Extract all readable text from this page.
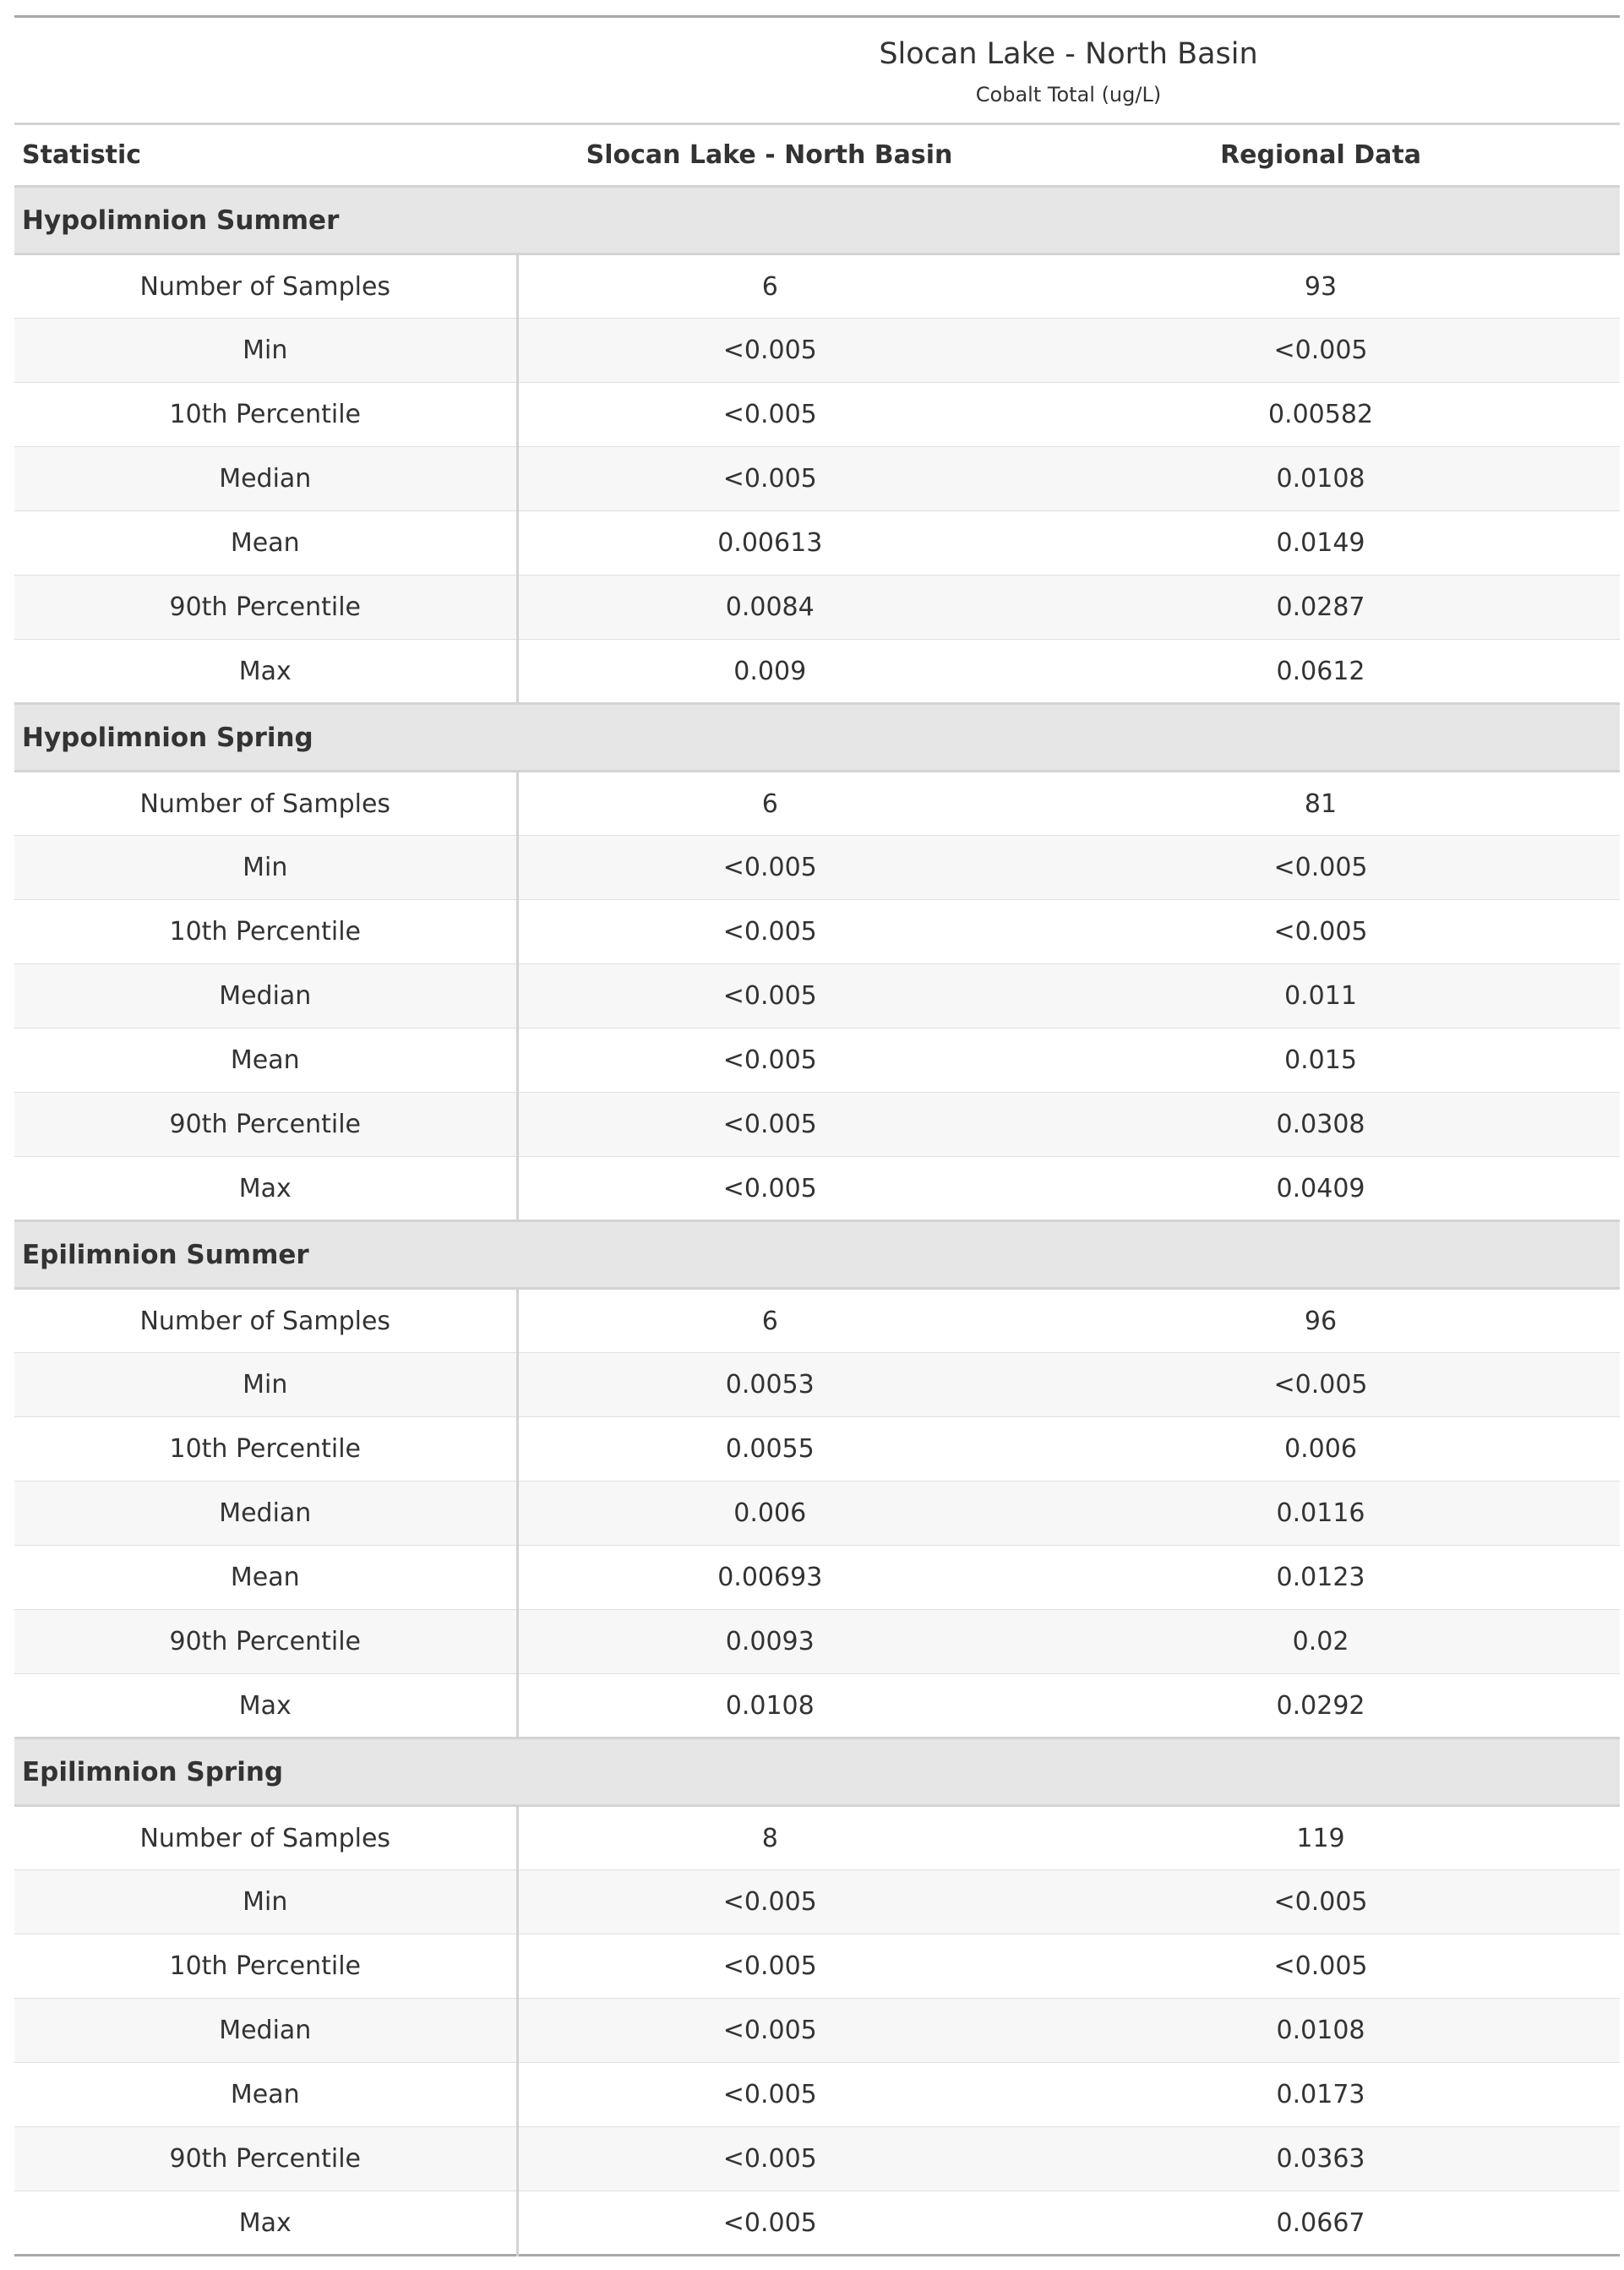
Slocan Lake - North Basin
Cobalt Total (ug/L)		

Statistic	Slocan Lake - North Basin	Regional Data
Hypolimnion Summer		
Number of Samples	6	93
Min	<0.005	<0.005
10th Percentile	<0.005	0.00582
Median	<0.005	0.0108
Mean	0.00613	0.0149
90th Percentile	0.0084	0.0287
Max	0.009	0.0612
Hypolimnion Spring		
Number of Samples	6	81
Min	<0.005	<0.005
10th Percentile	<0.005	<0.005
Median	<0.005	0.011
Mean	<0.005	0.015
90th Percentile	<0.005	0.0308
Max	<0.005	0.0409
Epilimnion Summer		
Number of Samples	6	96
Min	0.0053	<0.005
10th Percentile	0.0055	0.006
Median	0.006	0.0116
Mean	0.00693	0.0123
90th Percentile	0.0093	0.02
Max	0.0108	0.0292
Epilimnion Spring		
Number of Samples	8	119
Min	<0.005	<0.005
10th Percentile	<0.005	<0.005
Median	<0.005	0.0108
Mean	<0.005	0.0173
90th Percentile	<0.005	0.0363
Max	<0.005	0.0667
